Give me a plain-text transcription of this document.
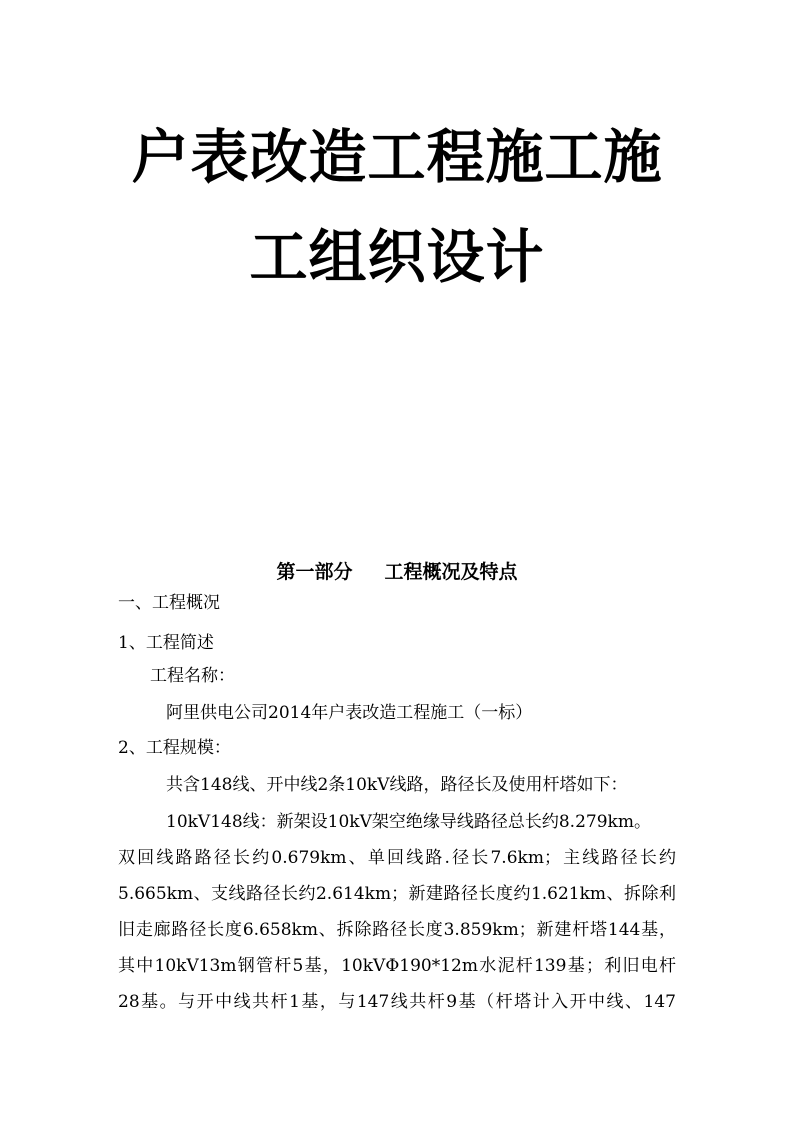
户表改造工程施工施
工组织设计
第一部分 工程概况及特点

一、工程概况

1、工程简述

工程名称：

阿里供电公司2014年户表改造工程施工（一标）

2、工程规模：

共含148线、开中线2条10kV线路，路径长及使用杆塔如下：

10kV148线：新架设10kV架空绝缘导线路径总长约8.279km。

双回线路路径长约0.679km、单回线路.径长7.6km；主线路径长约

5.665km、支线路径长约2.614km；新建路径长度约1.621km、拆除利

旧走廊路径长度6.658km、拆除路径长度3.859km；新建杆塔144基，

其中10kV13m钢管杆5基，10kVΦ190*12m水泥杆139基；利旧电杆

28基。与开中线共杆1基，与147线共杆9基（杆塔计入开中线、147
